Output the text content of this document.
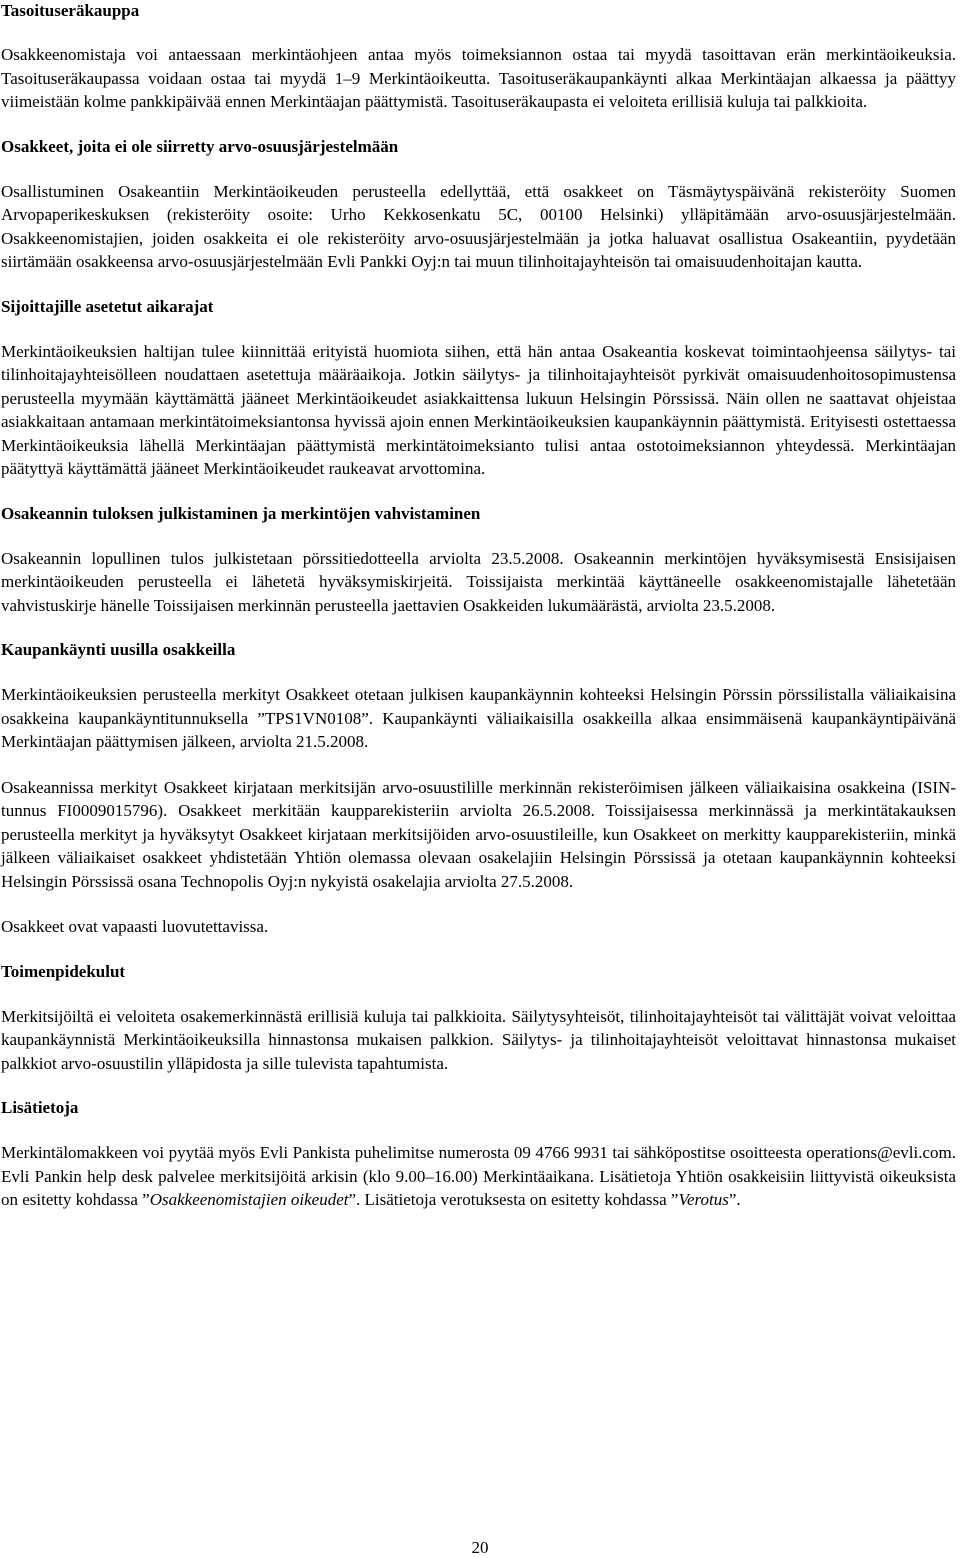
Tasoituseräkauppa

Osakkeenomistaja voi antaessaan merkintäohjeen antaa myös toimeksiannon ostaa tai myydä tasoittavan erän merkintäoikeuksia. Tasoituseräkaupassa voidaan ostaa tai myydä 1–9 Merkintäoikeutta. Tasoituseräkaupankäynti alkaa Merkintäajan alkaessa ja päättyy viimeistään kolme pankkipäivää ennen Merkintäajan päättymistä. Tasoituseräkaupasta ei veloiteta erillisiä kuluja tai palkkioita.

Osakkeet, joita ei ole siirretty arvo-osuusjärjestelmään

Osallistuminen Osakeantiin Merkintäoikeuden perusteella edellyttää, että osakkeet on Täsmäytyspäivänä rekisteröity Suomen Arvopaperikeskuksen (rekisteröity osoite: Urho Kekkosenkatu 5C, 00100 Helsinki) ylläpitämään arvo-osuusjärjestelmään. Osakkeenomistajien, joiden osakkeita ei ole rekisteröity arvo-osuusjärjestelmään ja jotka haluavat osallistua Osakeantiin, pyydetään siirtämään osakkeensa arvo-osuusjärjestelmään Evli Pankki Oyj:n tai muun tilinhoitajayhteisön tai omaisuudenhoitajan kautta.

Sijoittajille asetetut aikarajat

Merkintäoikeuksien haltijan tulee kiinnittää erityistä huomiota siihen, että hän antaa Osakeantia koskevat toimintaohjeensa säilytys- tai tilinhoitajayhteisölleen noudattaen asetettuja määräaikoja. Jotkin säilytys- ja tilinhoitajayhteisöt pyrkivät omaisuudenhoitosopimustensa perusteella myymään käyttämättä jääneet Merkintäoikeudet asiakkaittensa lukuun Helsingin Pörssissä. Näin ollen ne saattavat ohjeistaa asiakkaitaan antamaan merkintätoimeksiantonsa hyvissä ajoin ennen Merkintäoikeuksien kaupankäynnin päättymistä. Erityisesti ostettaessa Merkintäoikeuksia lähellä Merkintäajan päättymistä merkintätoimeksianto tulisi antaa ostotoimeksiannon yhteydessä. Merkintäajan päätyttyä käyttämättä jääneet Merkintäoikeudet raukeavat arvottomina.

Osakeannin tuloksen julkistaminen ja merkintöjen vahvistaminen

Osakeannin lopullinen tulos julkistetaan pörssitiedotteella arviolta 23.5.2008. Osakeannin merkintöjen hyväksymisestä Ensisijaisen merkintäoikeuden perusteella ei lähetetä hyväksymiskirjeitä. Toissijaista merkintää käyttäneelle osakkeenomistajalle lähetetään vahvistuskirje hänelle Toissijaisen merkinnän perusteella jaettavien Osakkeiden lukumäärästä, arviolta 23.5.2008.

Kaupankäynti uusilla osakkeilla

Merkintäoikeuksien perusteella merkityt Osakkeet otetaan julkisen kaupankäynnin kohteeksi Helsingin Pörssin pörssilistalla väliaikaisina osakkeina kaupankäyntitunnuksella ”TPS1VN0108”. Kaupankäynti väliaikaisilla osakkeilla alkaa ensimmäisenä kaupankäyntipäivänä Merkintäajan päättymisen jälkeen, arviolta 21.5.2008.

Osakeannissa merkityt Osakkeet kirjataan merkitsijän arvo-osuustilille merkinnän rekisteröimisen jälkeen väliaikaisina osakkeina (ISIN-tunnus FI0009015796). Osakkeet merkitään kaupparekisteriin arviolta 26.5.2008. Toissijaisessa merkinnässä ja merkintätakauksen perusteella merkityt ja hyväksytyt Osakkeet kirjataan merkitsijöiden arvo-osuustileille, kun Osakkeet on merkitty kaupparekisteriin, minkä jälkeen väliaikaiset osakkeet yhdistetään Yhtiön olemassa olevaan osakelajiin Helsingin Pörssissä ja otetaan kaupankäynnin kohteeksi Helsingin Pörssissä osana Technopolis Oyj:n nykyistä osakelajia arviolta 27.5.2008.

Osakkeet ovat vapaasti luovutettavissa.

Toimenpidekulut

Merkitsijöiltä ei veloiteta osakemerkinnästä erillisiä kuluja tai palkkioita. Säilytysyhteisöt, tilinhoitajayhteisöt tai välittäjät voivat veloittaa kaupankäynnistä Merkintäoikeuksilla hinnastonsa mukaisen palkkion. Säilytys- ja tilinhoitajayhteisöt veloittavat hinnastonsa mukaiset palkkiot arvo-osuustilin ylläpidosta ja sille tulevista tapahtumista.

Lisätietoja

Merkintälomakkeen voi pyytää myös Evli Pankista puhelimitse numerosta 09 4766 9931 tai sähköpostitse osoitteesta operations@evli.com. Evli Pankin help desk palvelee merkitsijöitä arkisin (klo 9.00–16.00) Merkintäaikana. Lisätietoja Yhtiön osakkeisiin liittyvistä oikeuksista on esitetty kohdassa ”Osakkeenomistajien oikeudet”. Lisätietoja verotuksesta on esitetty kohdassa ”Verotus”.

20
